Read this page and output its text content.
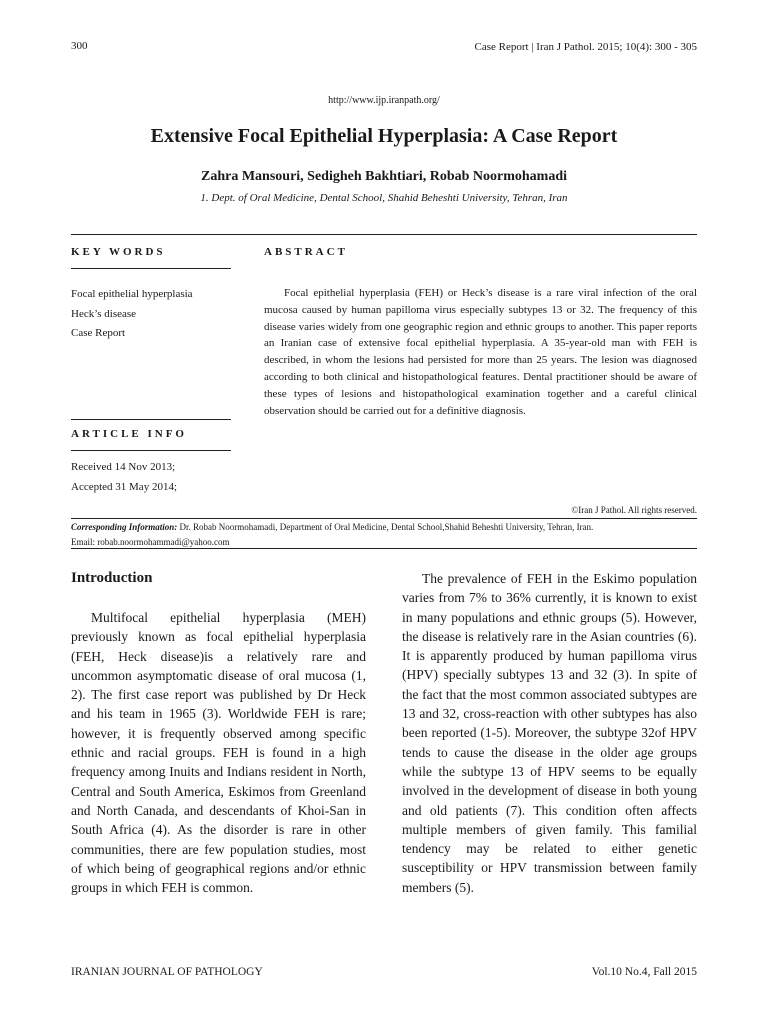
300	Case Report | Iran J Pathol. 2015; 10(4): 300 - 305
http://www.ijp.iranpath.org/
Extensive Focal Epithelial Hyperplasia: A Case Report
Zahra Mansouri, Sedigheh Bakhtiari, Robab Noormohamadi
1. Dept. of Oral Medicine, Dental School, Shahid Beheshti University, Tehran, Iran
KEY WORDS
Focal epithelial hyperplasia
Heck’s disease
Case Report
ABSTRACT
Focal epithelial hyperplasia (FEH) or Heck’s disease is a rare viral infection of the oral mucosa caused by human papilloma virus especially subtypes 13 or 32. The frequency of this disease varies widely from one geographic region and ethnic groups to another. This paper reports an Iranian case of extensive focal epithelial hyperplasia. A 35-year-old man with FEH is described, in whom the lesions had persisted for more than 25 years. The lesion was diagnosed according to both clinical and histopathological features. Dental practitioner should be aware of these types of lesions and histopathological examination together and a careful clinical observation should be carried out for a definitive diagnosis.
ARTICLE INFO
Received 14 Nov 2013;
Accepted 31 May 2014;
©Iran J Pathol. All rights reserved.
Corresponding Information: Dr. Robab Noormohamadi, Department of Oral Medicine, Dental School,Shahid Beheshti University, Tehran, Iran.
Email: robab.noormohammadi@yahoo.com
Introduction

Multifocal epithelial hyperplasia (MEH) previously known as focal epithelial hyperplasia (FEH, Heck disease)is a relatively rare and uncommon asymptomatic disease of oral mucosa (1, 2). The first case report was published by Dr Heck and his team in 1965 (3). Worldwide FEH is rare; however, it is frequently observed among specific ethnic and racial groups. FEH is found in a high frequency among Inuits and Indians resident in North, Central and South America, Eskimos from Greenland and North Canada, and descendants of Khoi-San in South Africa (4). As the disorder is rare in other communities, there are few population studies, most of which being of geographical regions and/or ethnic groups in which FEH is common.

The prevalence of FEH in the Eskimo population varies from 7% to 36% currently, it is known to exist in many populations and ethnic groups (5). However, the disease is relatively rare in the Asian countries (6). It is apparently produced by human papilloma virus (HPV) specially subtypes 13 and 32 (3). In spite of the fact that the most common associated subtypes are 13 and 32, cross-reaction with other subtypes has also been reported (1-5). Moreover, the subtype 32of HPV tends to cause the disease in the older age groups while the subtype 13 of HPV seems to be equally involved in the development of disease in both young and old patients (7). This condition often affects multiple members of given family. This familial tendency may be related to either genetic susceptibility or HPV transmission between family members (5).

IRANIAN JOURNAL OF PATHOLOGY	Vol.10 No.4, Fall 2015
